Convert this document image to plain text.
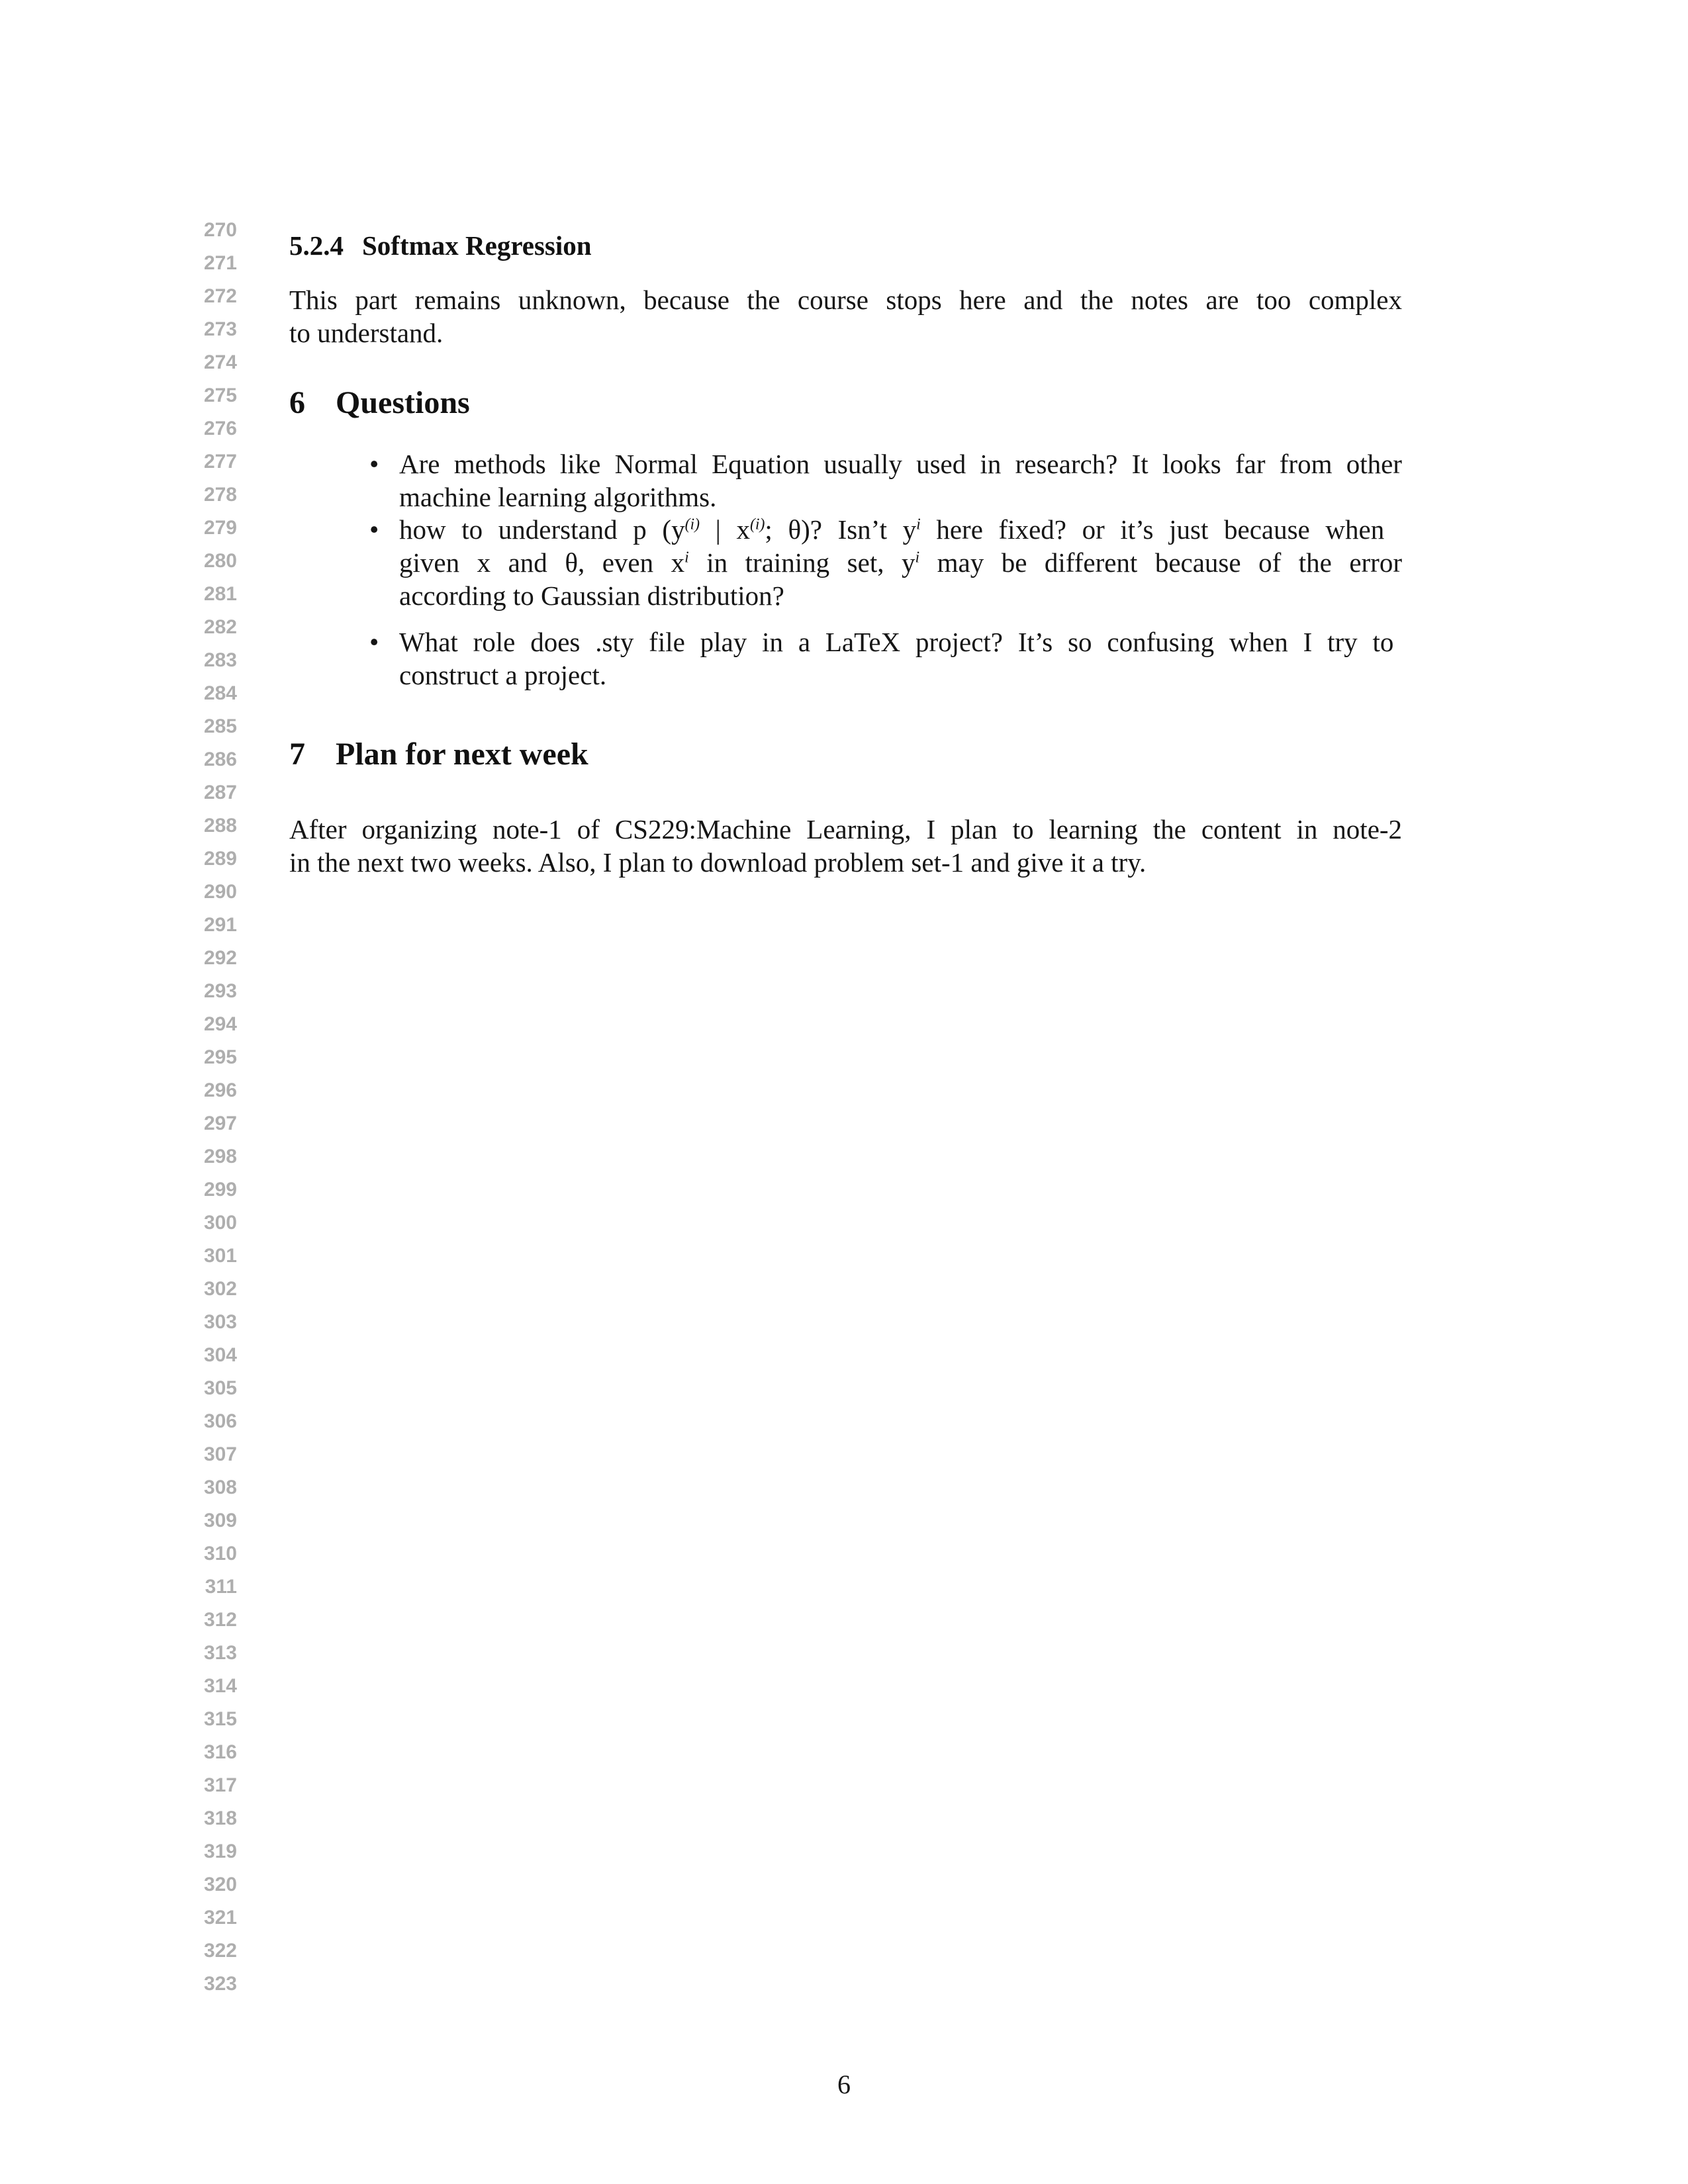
270
271
272
273
274
275
276
277
278
279
280
281
282
283
284
285
286
287
288
289
290
291
292
293
294
295
296
297
298
299
300
301
302
303
304
305
306
307
308
309
310
311
312
313
314
315
316
317
318
319
320
321
322
323
5.2.4 Softmax Regression
This part remains unknown, because the course stops here and the notes are too complex
to understand.
6 Questions
• Are methods like Normal Equation usually used in research? It looks far from other
machine learning algorithms.
• how to understand p ($y^{(i)}$ | $x^{(i)}$; θ)? Isn’t $y^i$ here fixed? or it’s just because when
given x and θ, even $x^i$ in training set, $y^i$ may be different because of the error
according to Gaussian distribution?
• What role does .sty file play in a LaTeX project? It’s so confusing when I try to
construct a project.
7 Plan for next week
After organizing note-1 of CS229:Machine Learning, I plan to learning the content in note-2
in the next two weeks. Also, I plan to download problem set-1 and give it a try.
6
